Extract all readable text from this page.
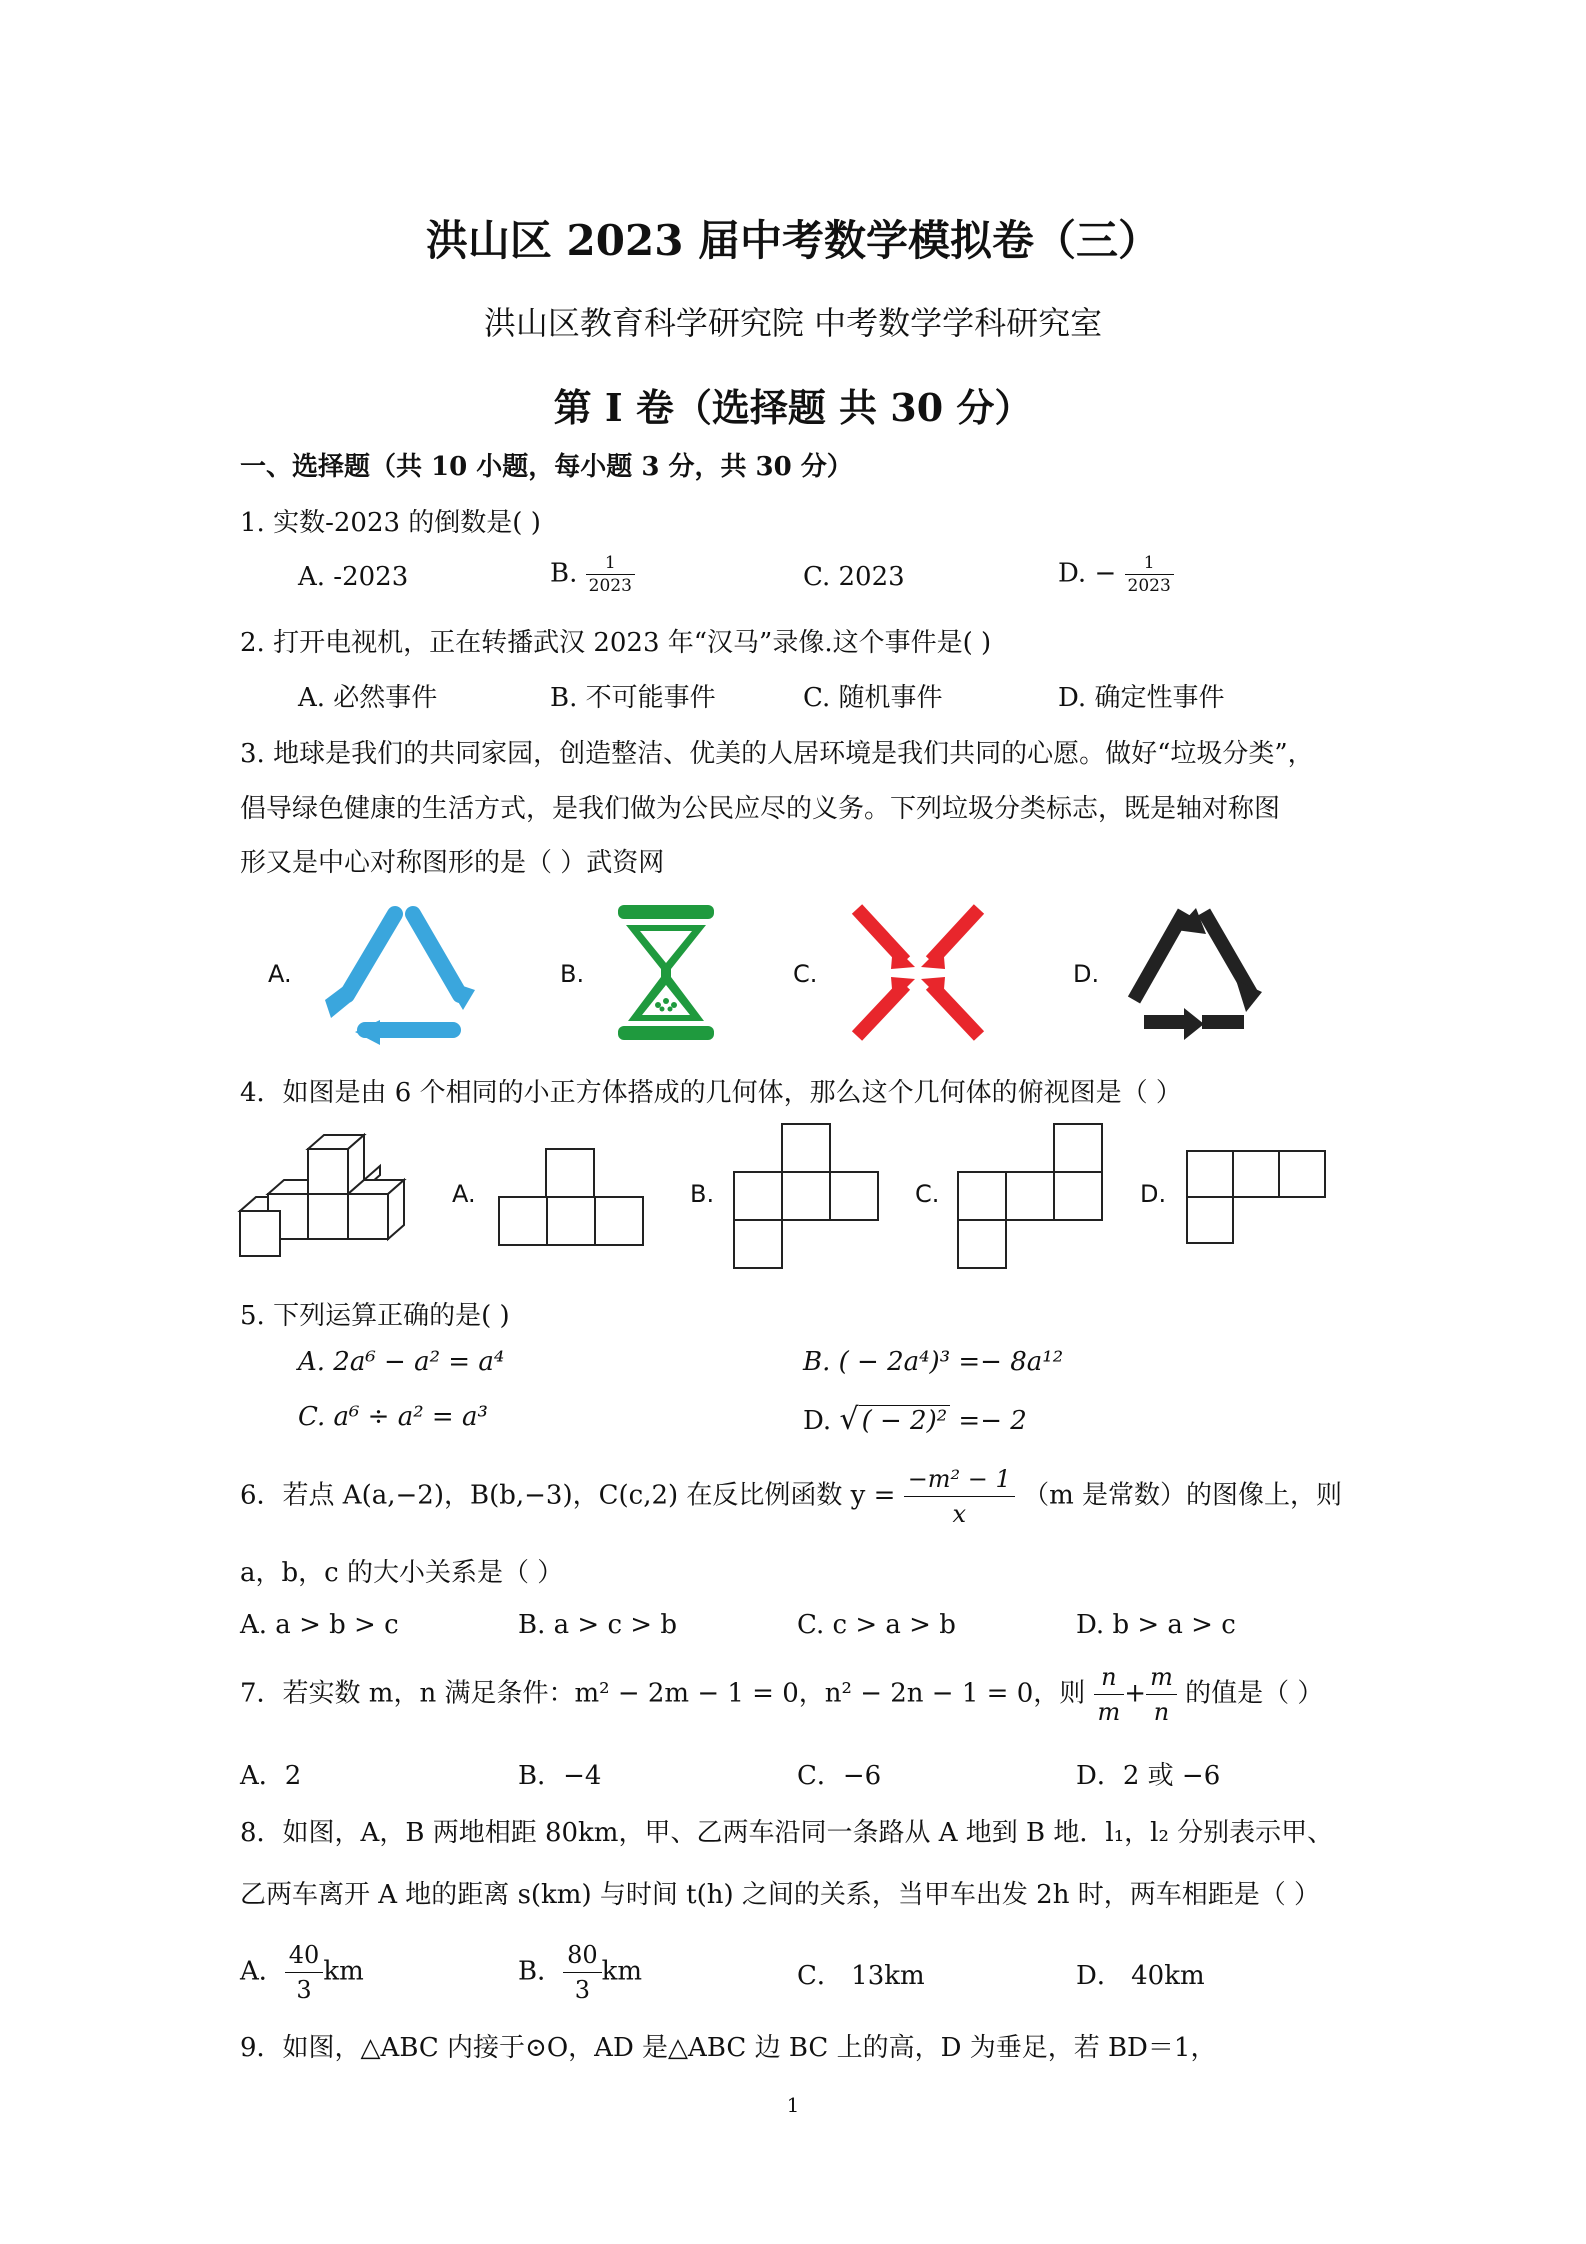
洪山区 2023 届中考数学模拟卷（三）
洪山区教育科学研究院 中考数学学科研究室
第 I 卷（选择题 共 30 分）
一、选择题（共 10 小题，每小题 3 分，共 30 分）
1. 实数-2023 的倒数是( )
A. -2023	B. $\frac{1}{2023}$	C. 2023	D. − $\frac{1}{2023}$
2. 打开电视机，正在转播武汉 2023 年“汉马”录像.这个事件是( )
A. 必然事件	B. 不可能事件	C. 随机事件	D. 确定性事件
3. 地球是我们的共同家园，创造整洁、优美的人居环境是我们共同的心愿。做好“垃圾分类”，
倡导绿色健康的生活方式，是我们做为公民应尽的义务。下列垃圾分类标志，既是轴对称图
形又是中心对称图形的是（ ）武资网
A.	B.	C.	D.
4．如图是由 6 个相同的小正方体搭成的几何体，那么这个几何体的俯视图是（ ）
A.	B.	C.	D.
5. 下列运算正确的是( )
A. 2a⁶ − a² = a⁴	B. ( − 2a⁴)³ =− 8a¹²
C. a⁶ ÷ a² = a³	D. √ ( − 2)² =− 2
6．若点 A(a,−2)，B(b,−3)，C(c,2) 在反比例函数 $y = \frac{\text{−m² − 1}}{x} (m$ 是常数）的图像上，则
a，b，c 的大小关系是（ ）
A. a > b > c	B. a > c > b	C. c > a > b	D. b > a > c
7．若实数 m，n 满足条件：m² − 2m − 1 = 0，n² − 2n − 1 = 0，则 $\frac{n}{m} + \frac{m}{n}$ 的值是（ ）
A．2	B．−4	C．−6	D．2 或 −6
8．如图，A，B 两地相距 80km，甲、乙两车沿同一条路从 A 地到 B 地．l₁，l₂ 分别表示甲、
乙两车离开 A 地的距离 s(km) 与时间 t(h) 之间的关系，当甲车出发 2h 时，两车相距是（ ）
A． $\frac{40}{3}$ km	B． $\frac{80}{3}$ km	C． 13km	D． 40km
9．如图，△ABC 内接于⊙O，AD 是△ABC 边 BC 上的高，D 为垂足，若 BD＝1，
1
